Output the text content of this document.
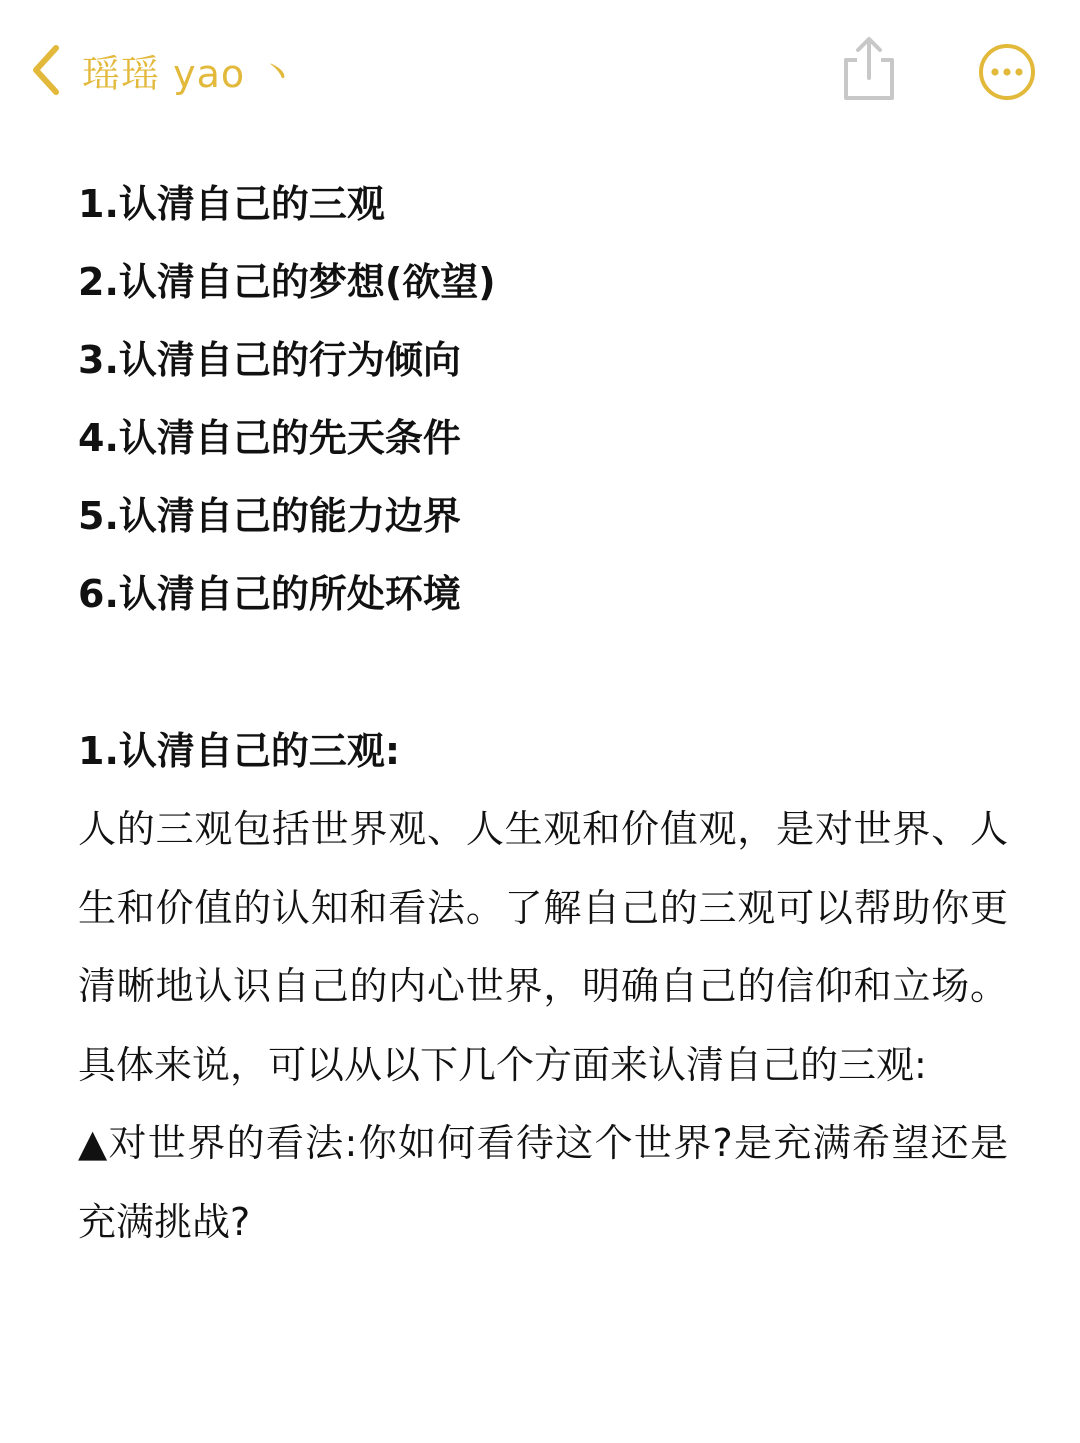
瑶瑶 yao 丶
1.认清自己的三观
2.认清自己的梦想(欲望)
3.认清自己的行为倾向
4.认清自己的先天条件
5.认清自己的能力边界
6.认清自己的所处环境
1.认清自己的三观:

人的三观包括世界观、人生观和价值观，是对世界、人生和价值的认知和看法。了解自己的三观可以帮助你更清晰地认识自己的内心世界，明确自己的信仰和立场。具体来说，可以从以下几个方面来认清自己的三观:

▲对世界的看法:你如何看待这个世界?是充满希望还是充满挑战?
